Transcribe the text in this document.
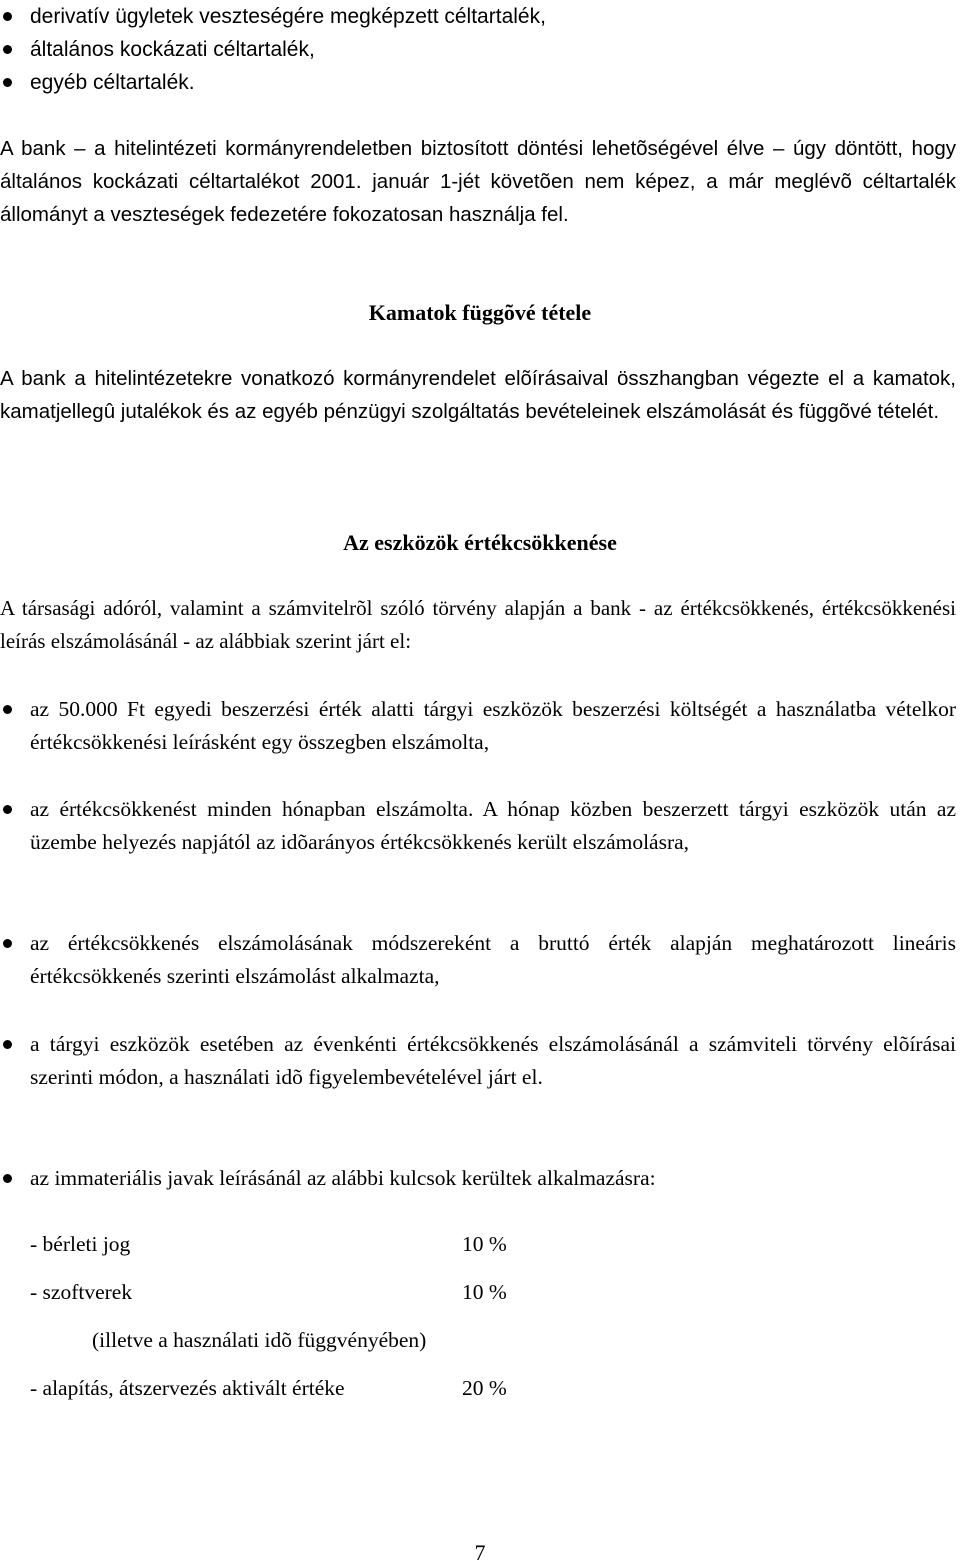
derivatív ügyletek veszteségére megképzett céltartalék,
általános kockázati céltartalék,
egyéb céltartalék.

A bank – a hitelintézeti kormányrendeletben biztosított döntési lehetõségével élve – úgy döntött, hogy általános kockázati céltartalékot 2001. január 1-jét követõen nem képez, a már meglévõ céltartalék állományt a veszteségek fedezetére fokozatosan használja fel.

Kamatok függõvé tétele

A bank a hitelintézetekre vonatkozó kormányrendelet elõírásaival összhangban végezte el a kamatok, kamatjellegû jutalékok és az egyéb pénzügyi szolgáltatás bevételeinek elszámolását és függõvé tételét.

Az eszközök értékcsökkenése

A társasági adóról, valamint a számvitelrõl szóló törvény alapján a bank - az értékcsökkenés, értékcsökkenési leírás elszámolásánál - az alábbiak szerint járt el:

az 50.000 Ft egyedi beszerzési érték alatti tárgyi eszközök beszerzési költségét a használatba vételkor értékcsökkenési leírásként egy összegben elszámolta,
az értékcsökkenést minden hónapban elszámolta. A hónap közben beszerzett tárgyi eszközök után az üzembe helyezés napjától az idõarányos értékcsökkenés került elszámolásra,
az értékcsökkenés elszámolásának módszereként a bruttó érték alapján meghatározott lineáris értékcsökkenés szerinti elszámolást alkalmazta,
a tárgyi eszközök esetében az évenkénti értékcsökkenés elszámolásánál a számviteli törvény elõírásai szerinti módon, a használati idõ figyelembevételével járt el.
az immateriális javak leírásánál az alábbi kulcsok kerültek alkalmazásra:
- bérleti jog	10 %
- szoftverek	10 %
(illetve a használati idõ függvényében)
- alapítás, átszervezés aktivált értéke	20 %
7
